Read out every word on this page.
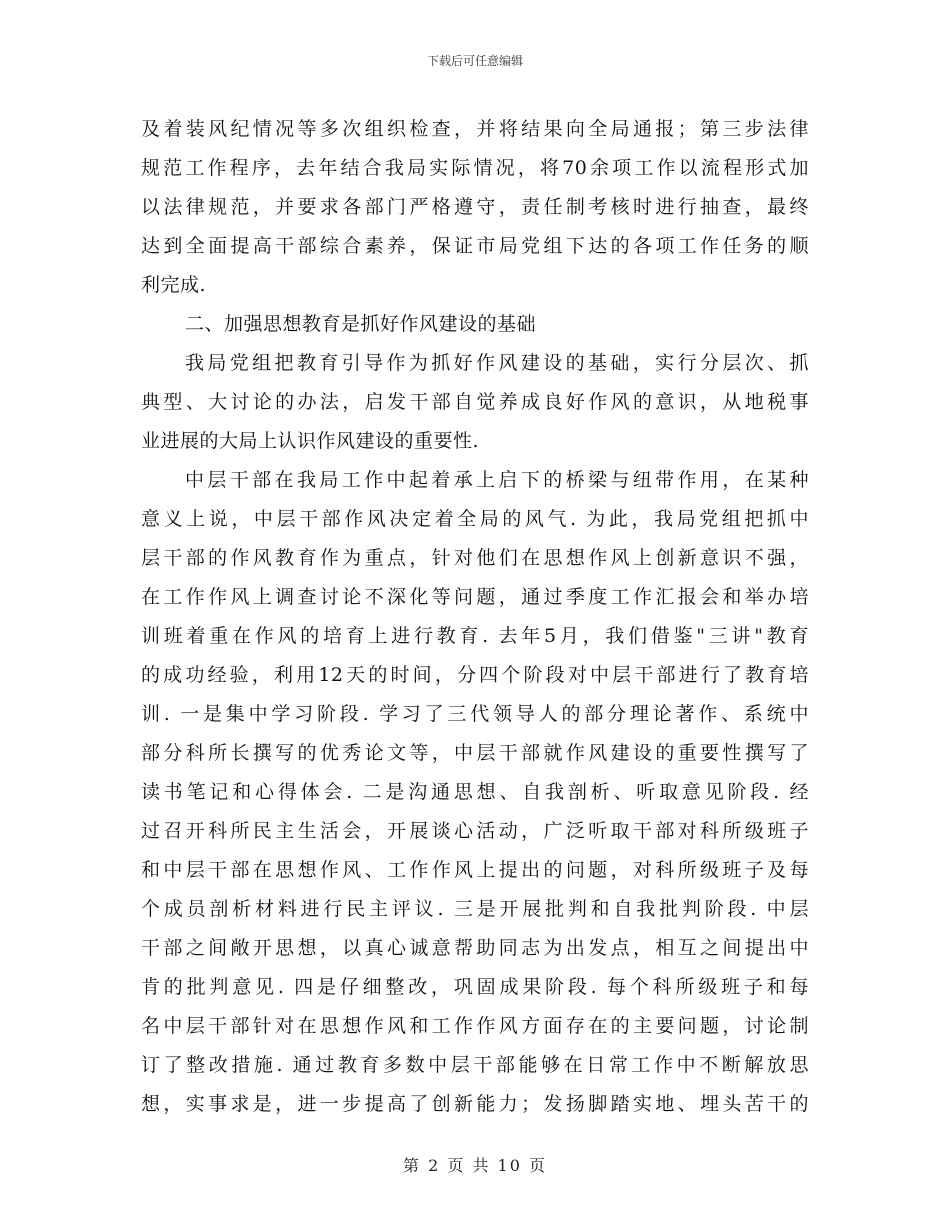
下载后可任意编辑
及着装风纪情况等多次组织检查，并将结果向全局通报；第三步法律
规范工作程序，去年结合我局实际情况，将70余项工作以流程形式加
以法律规范，并要求各部门严格遵守，责任制考核时进行抽查，最终
达到全面提高干部综合素养，保证市局党组下达的各项工作任务的顺
利完成.
二、加强思想教育是抓好作风建设的基础
我局党组把教育引导作为抓好作风建设的基础，实行分层次、抓
典型、大讨论的办法，启发干部自觉养成良好作风的意识，从地税事
业进展的大局上认识作风建设的重要性.
中层干部在我局工作中起着承上启下的桥梁与纽带作用，在某种
意义上说，中层干部作风决定着全局的风气. 为此，我局党组把抓中
层干部的作风教育作为重点，针对他们在思想作风上创新意识不强，
在工作作风上调查讨论不深化等问题，通过季度工作汇报会和举办培
训班着重在作风的培育上进行教育. 去年5月，我们借鉴"三讲"教育
的成功经验，利用12天的时间，分四个阶段对中层干部进行了教育培
训. 一是集中学习阶段. 学习了三代领导人的部分理论著作、系统中
部分科所长撰写的优秀论文等，中层干部就作风建设的重要性撰写了
读书笔记和心得体会. 二是沟通思想、自我剖析、听取意见阶段. 经
过召开科所民主生活会，开展谈心活动，广泛听取干部对科所级班子
和中层干部在思想作风、工作作风上提出的问题，对科所级班子及每
个成员剖析材料进行民主评议. 三是开展批判和自我批判阶段. 中层
干部之间敞开思想，以真心诚意帮助同志为出发点，相互之间提出中
肯的批判意见. 四是仔细整改，巩固成果阶段. 每个科所级班子和每
名中层干部针对在思想作风和工作作风方面存在的主要问题，讨论制
订了整改措施. 通过教育多数中层干部能够在日常工作中不断解放思
想，实事求是，进一步提高了创新能力；发扬脚踏实地、埋头苦干的
第 2 页 共 10 页
